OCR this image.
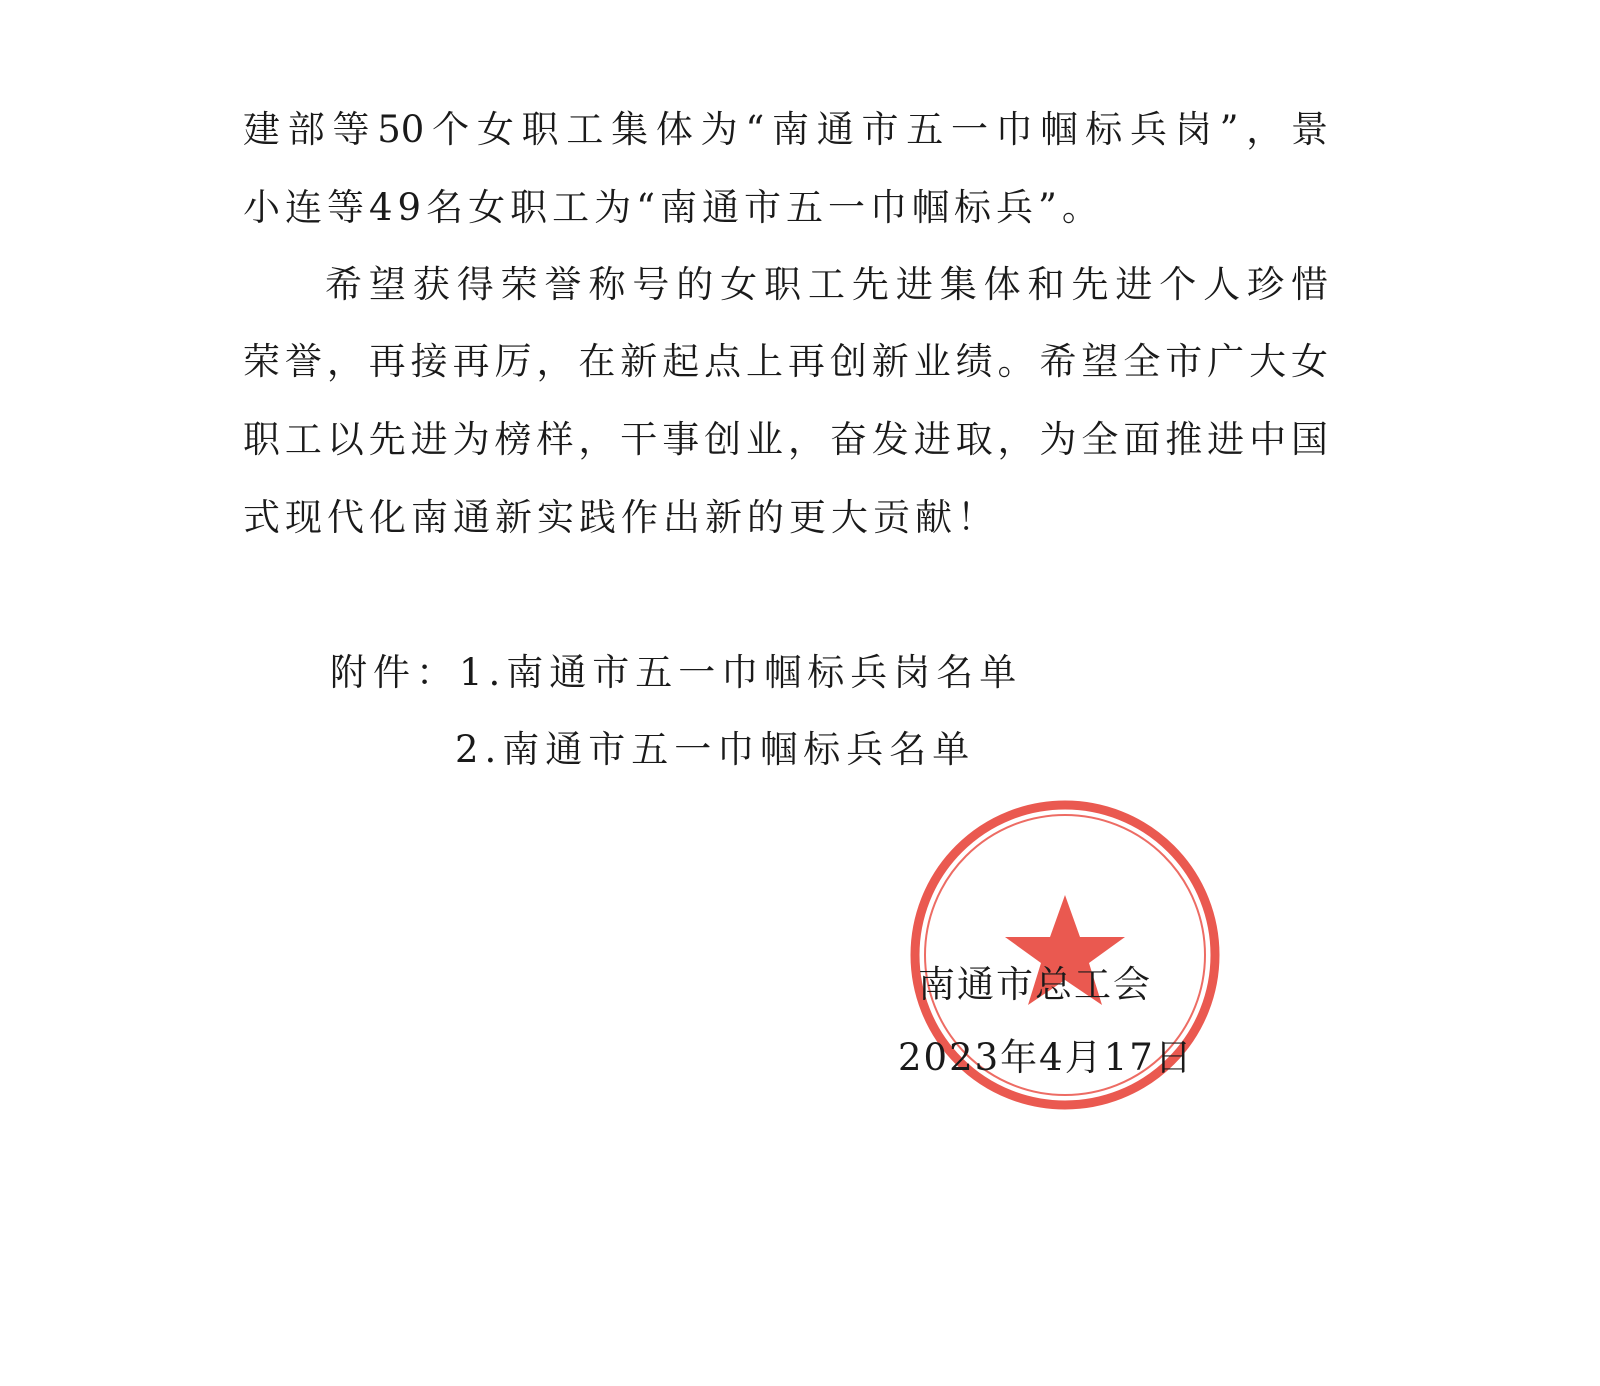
建部等50个女职工集体为“南通市五一巾帼标兵岗”，景
小连等49名女职工为“南通市五一巾帼标兵”。
希望获得荣誉称号的女职工先进集体和先进个人珍惜
荣誉，再接再厉，在新起点上再创新业绩。希望全市广大女
职工以先进为榜样，干事创业，奋发进取，为全面推进中国
式现代化南通新实践作出新的更大贡献！
附件：1.南通市五一巾帼标兵岗名单
2.南通市五一巾帼标兵名单
南通市总工会
2023年4月17日
